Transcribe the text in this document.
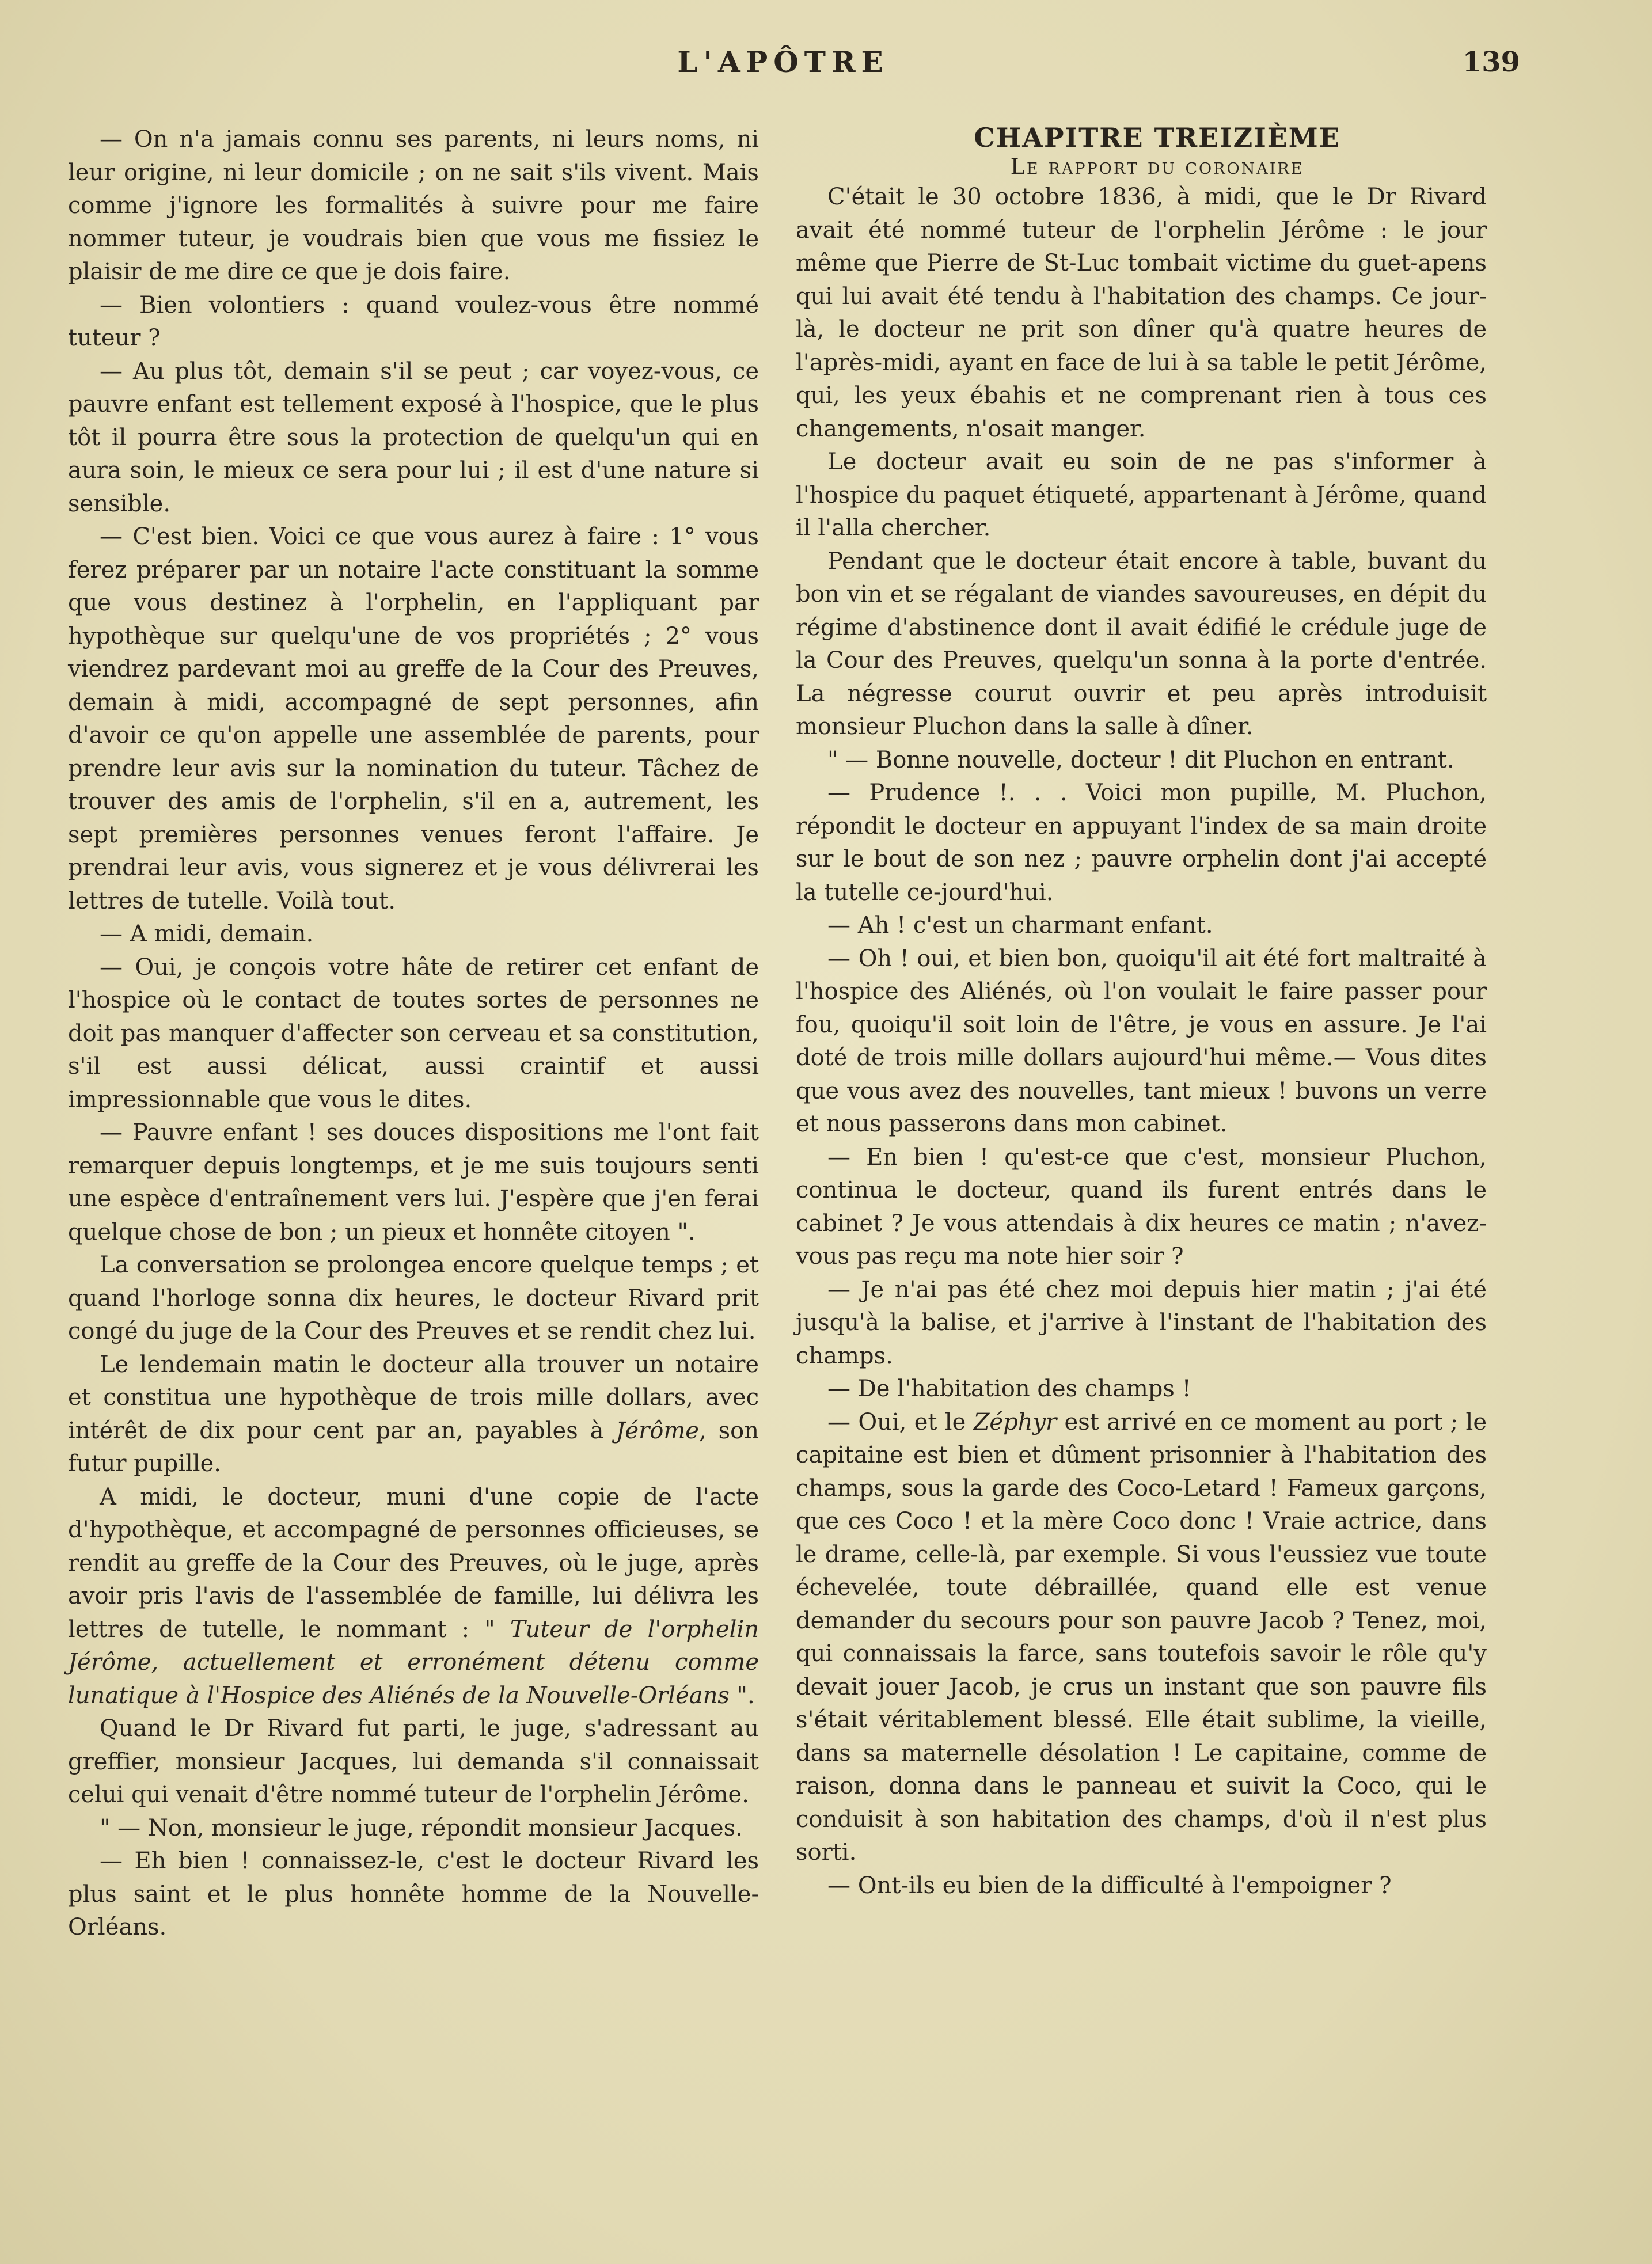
L'APÔTRE	139

— On n'a jamais connu ses parents, ni leurs noms, ni leur origine, ni leur domicile ; on ne sait s'ils vivent. Mais comme j'ignore les formalités à suivre pour me faire nommer tuteur, je voudrais bien que vous me fissiez le plaisir de me dire ce que je dois faire.

— Bien volontiers : quand voulez-vous être nommé tuteur ?

— Au plus tôt, demain s'il se peut ; car voyez-vous, ce pauvre enfant est tellement exposé à l'hospice, que le plus tôt il pourra être sous la protection de quelqu'un qui en aura soin, le mieux ce sera pour lui ; il est d'une nature si sensible.

— C'est bien. Voici ce que vous aurez à faire : 1° vous ferez préparer par un notaire l'acte constituant la somme que vous destinez à l'orphelin, en l'appliquant par hypothèque sur quelqu'une de vos propriétés ; 2° vous viendrez pardevant moi au greffe de la Cour des Preuves, demain à midi, accompagné de sept personnes, afin d'avoir ce qu'on appelle une assemblée de parents, pour prendre leur avis sur la nomination du tuteur. Tâchez de trouver des amis de l'orphelin, s'il en a, autrement, les sept premières personnes venues feront l'affaire. Je prendrai leur avis, vous signerez et je vous délivrerai les lettres de tutelle. Voilà tout.

— A midi, demain.

— Oui, je conçois votre hâte de retirer cet enfant de l'hospice où le contact de toutes sortes de personnes ne doit pas manquer d'affecter son cerveau et sa constitution, s'il est aussi délicat, aussi craintif et aussi impressionnable que vous le dites.

— Pauvre enfant ! ses douces dispositions me l'ont fait remarquer depuis longtemps, et je me suis toujours senti une espèce d'entraînement vers lui. J'espère que j'en ferai quelque chose de bon ; un pieux et honnête citoyen ".

La conversation se prolongea encore quelque temps ; et quand l'horloge sonna dix heures, le docteur Rivard prit congé du juge de la Cour des Preuves et se rendit chez lui.

Le lendemain matin le docteur alla trouver un notaire et constitua une hypothèque de trois mille dollars, avec intérêt de dix pour cent par an, payables à Jérôme, son futur pupille.

A midi, le docteur, muni d'une copie de l'acte d'hypothèque, et accompagné de personnes officieuses, se rendit au greffe de la Cour des Preuves, où le juge, après avoir pris l'avis de l'assemblée de famille, lui délivra les lettres de tutelle, le nommant : " Tuteur de l'orphelin Jérôme, actuellement et erronément détenu comme lunatique à l'Hospice des Aliénés de la Nouvelle-Orléans ".

Quand le Dr Rivard fut parti, le juge, s'adressant au greffier, monsieur Jacques, lui demanda s'il connaissait celui qui venait d'être nommé tuteur de l'orphelin Jérôme.

" — Non, monsieur le juge, répondit monsieur Jacques.

— Eh bien ! connaissez-le, c'est le docteur Rivard les plus saint et le plus honnête homme de la Nouvelle-Orléans.

CHAPITRE TREIZIÈME

Le rapport du coronaire

C'était le 30 octobre 1836, à midi, que le Dr Rivard avait été nommé tuteur de l'orphelin Jérôme : le jour même que Pierre de St-Luc tombait victime du guet-apens qui lui avait été tendu à l'habitation des champs. Ce jour-là, le docteur ne prit son dîner qu'à quatre heures de l'après-midi, ayant en face de lui à sa table le petit Jérôme, qui, les yeux ébahis et ne comprenant rien à tous ces changements, n'osait manger.

Le docteur avait eu soin de ne pas s'informer à l'hospice du paquet étiqueté, appartenant à Jérôme, quand il l'alla chercher.

Pendant que le docteur était encore à table, buvant du bon vin et se régalant de viandes savoureuses, en dépit du régime d'abstinence dont il avait édifié le crédule juge de la Cour des Preuves, quelqu'un sonna à la porte d'entrée. La négresse courut ouvrir et peu après introduisit monsieur Pluchon dans la salle à dîner.

" — Bonne nouvelle, docteur ! dit Pluchon en entrant.

— Prudence !. . . Voici mon pupille, M. Pluchon, répondit le docteur en appuyant l'index de sa main droite sur le bout de son nez ; pauvre orphelin dont j'ai accepté la tutelle ce-jourd'hui.

— Ah ! c'est un charmant enfant.

— Oh ! oui, et bien bon, quoiqu'il ait été fort maltraité à l'hospice des Aliénés, où l'on voulait le faire passer pour fou, quoiqu'il soit loin de l'être, je vous en assure. Je l'ai doté de trois mille dollars aujourd'hui même.— Vous dites que vous avez des nouvelles, tant mieux ! buvons un verre et nous passerons dans mon cabinet.

— En bien ! qu'est-ce que c'est, monsieur Pluchon, continua le docteur, quand ils furent entrés dans le cabinet ? Je vous attendais à dix heures ce matin ; n'avez-vous pas reçu ma note hier soir ?

— Je n'ai pas été chez moi depuis hier matin ; j'ai été jusqu'à la balise, et j'arrive à l'instant de l'habitation des champs.

— De l'habitation des champs !

— Oui, et le Zéphyr est arrivé en ce moment au port ; le capitaine est bien et dûment prisonnier à l'habitation des champs, sous la garde des Coco-Letard ! Fameux garçons, que ces Coco ! et la mère Coco donc ! Vraie actrice, dans le drame, celle-là, par exemple. Si vous l'eussiez vue toute échevelée, toute débraillée, quand elle est venue demander du secours pour son pauvre Jacob ? Tenez, moi, qui connaissais la farce, sans toutefois savoir le rôle qu'y devait jouer Jacob, je crus un instant que son pauvre fils s'était véritablement blessé. Elle était sublime, la vieille, dans sa maternelle désolation ! Le capitaine, comme de raison, donna dans le panneau et suivit la Coco, qui le conduisit à son habitation des champs, d'où il n'est plus sorti.

— Ont-ils eu bien de la difficulté à l'empoigner ?
